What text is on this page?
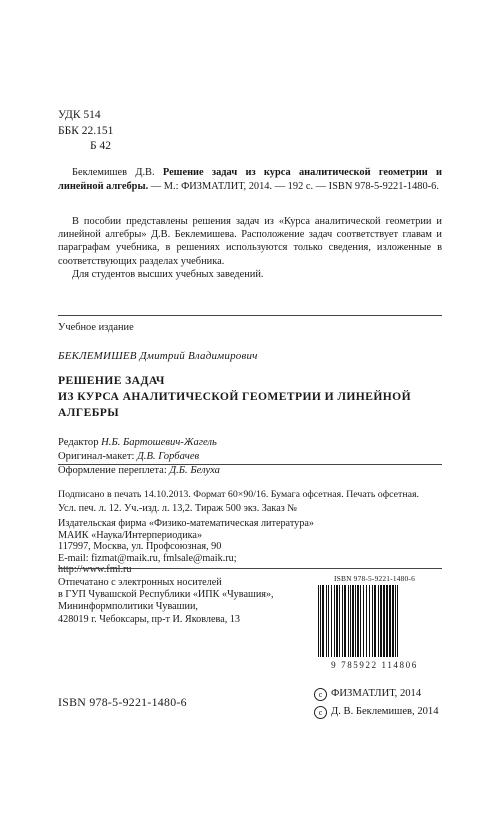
УДК 514
ББК 22.151
Б 42
Беклемишев Д.В. Решение задач из курса аналитической геометрии и линейной алгебры. — М.: ФИЗМАТЛИТ, 2014. — 192 с. — ISBN 978-5-9221-1480-6.

В пособии представлены решения задач из «Курса аналитической геометрии и линейной алгебры» Д.В. Беклемишева. Расположение задач соответствует главам и параграфам учебника, в решениях используются только сведения, изложенные в соответствующих разделах учебника.

Для студентов высших учебных заведений.

Учебное издание
БЕКЛЕМИШЕВ Дмитрий Владимирович
РЕШЕНИЕ ЗАДАЧ
ИЗ КУРСА АНАЛИТИЧЕСКОЙ ГЕОМЕТРИИ И ЛИНЕЙНОЙ
АЛГЕБРЫ
Редактор Н.Б. Бартошевич-Жагель
Оригинал-макет: Д.В. Горбачев
Оформление переплета: Д.Б. Белуха
Подписано в печать 14.10.2013. Формат 60×90/16. Бумага офсетная. Печать офсетная.
Усл. печ. л. 12. Уч.-изд. л. 13,2. Тираж 500 экз. Заказ №
Издательская фирма «Физико-математическая литература»
МАИК «Наука/Интерпериодика»
117997, Москва, ул. Профсоюзная, 90
E-mail: fizmat@maik.ru, fmlsale@maik.ru;
http://www.fml.ru
Отпечатано с электронных носителей
в ГУП Чувашской Республики «ИПК «Чувашия»,
Мининформполитики Чувашии,
428019 г. Чебоксары, пр-т И. Яковлева, 13
ISBN 978-5-9221-1480-6
9 785922 114806
ISBN 978-5-9221-1480-6
c ФИЗМАТЛИТ, 2014
c Д. В. Беклемишев, 2014
